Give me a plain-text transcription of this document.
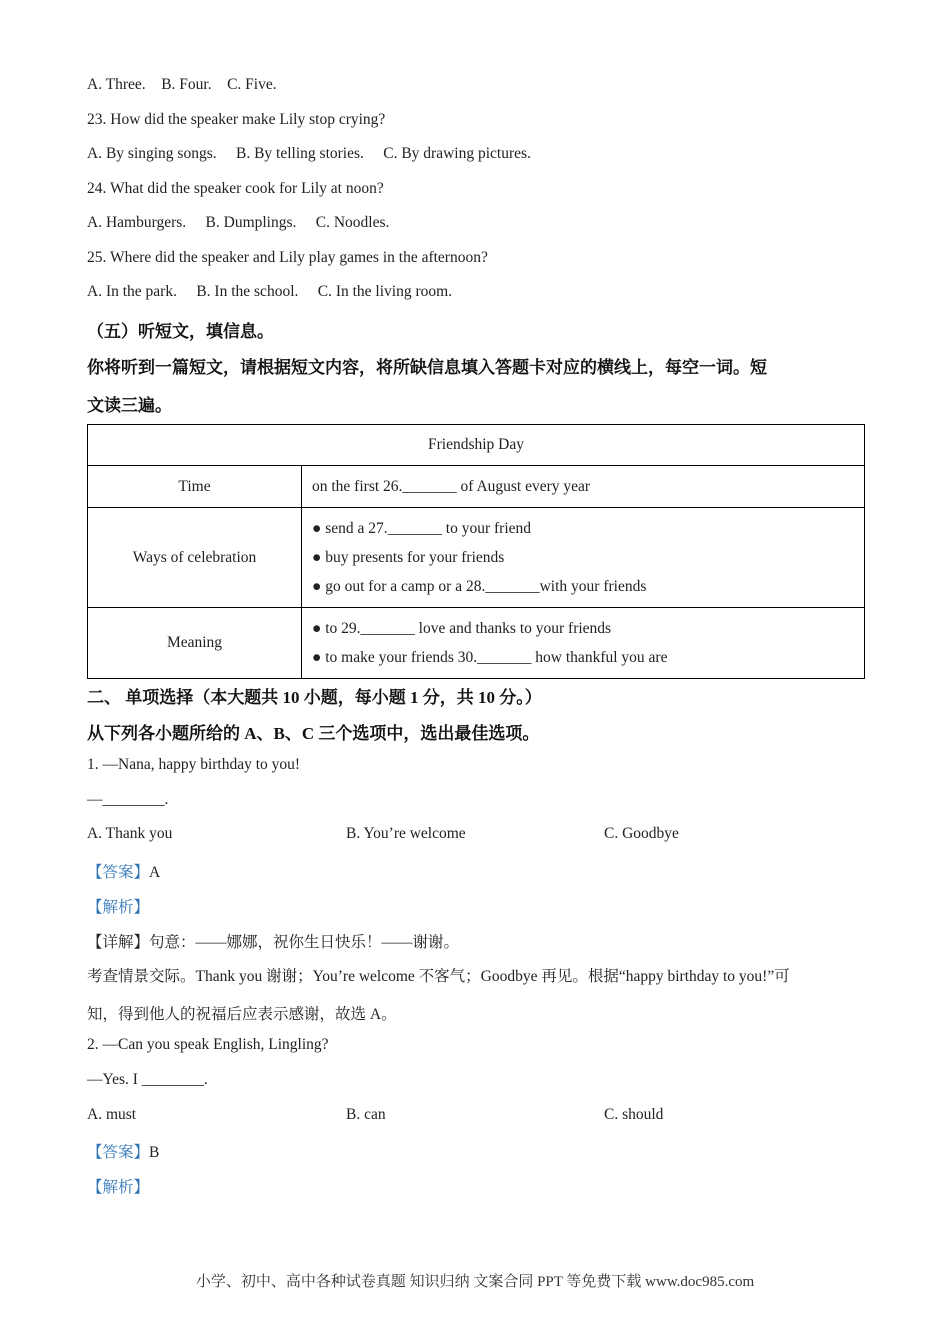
A. Three. B. Four. C. Five.
23. How did the speaker make Lily stop crying?
A. By singing songs. B. By telling stories. C. By drawing pictures.
24. What did the speaker cook for Lily at noon?
A. Hamburgers. B. Dumplings. C. Noodles.
25. Where did the speaker and Lily play games in the afternoon?
A. In the park. B. In the school. C. In the living room.
（五）听短文，填信息。
你将听到一篇短文，请根据短文内容，将所缺信息填入答题卡对应的横线上，每空一词。短
文读三遍。
Friendship Day	
Time	on the first 26._______ of August every year

Ways of celebration	● send a 27._______ to your friend
● buy presents for your friends
● go out for a camp or a 28._______with your friends

Meaning	● to 29._______ love and thanks to your friends
● to make your friends 30._______ how thankful you are
二、 单项选择（本大题共 10 小题，每小题 1 分，共 10 分。）
从下列各小题所给的 A、B、C 三个选项中，选出最佳选项。
1. —Nana, happy birthday to you!
—________.
A. Thank you	B. You’re welcome	C. Goodbye
【答案】A
【解析】
【详解】句意：——娜娜，祝你生日快乐！——谢谢。
考查情景交际。Thank you 谢谢；You’re welcome 不客气；Goodbye 再见。根据“happy birthday to you!”可
知，得到他人的祝福后应表示感谢，故选 A。
2. —Can you speak English, Lingling?
—Yes. I ________.
A. must	B. can	C. should
【答案】B
【解析】
小学、初中、高中各种试卷真题 知识归纳 文案合同 PPT 等免费下载 www.doc985.com
